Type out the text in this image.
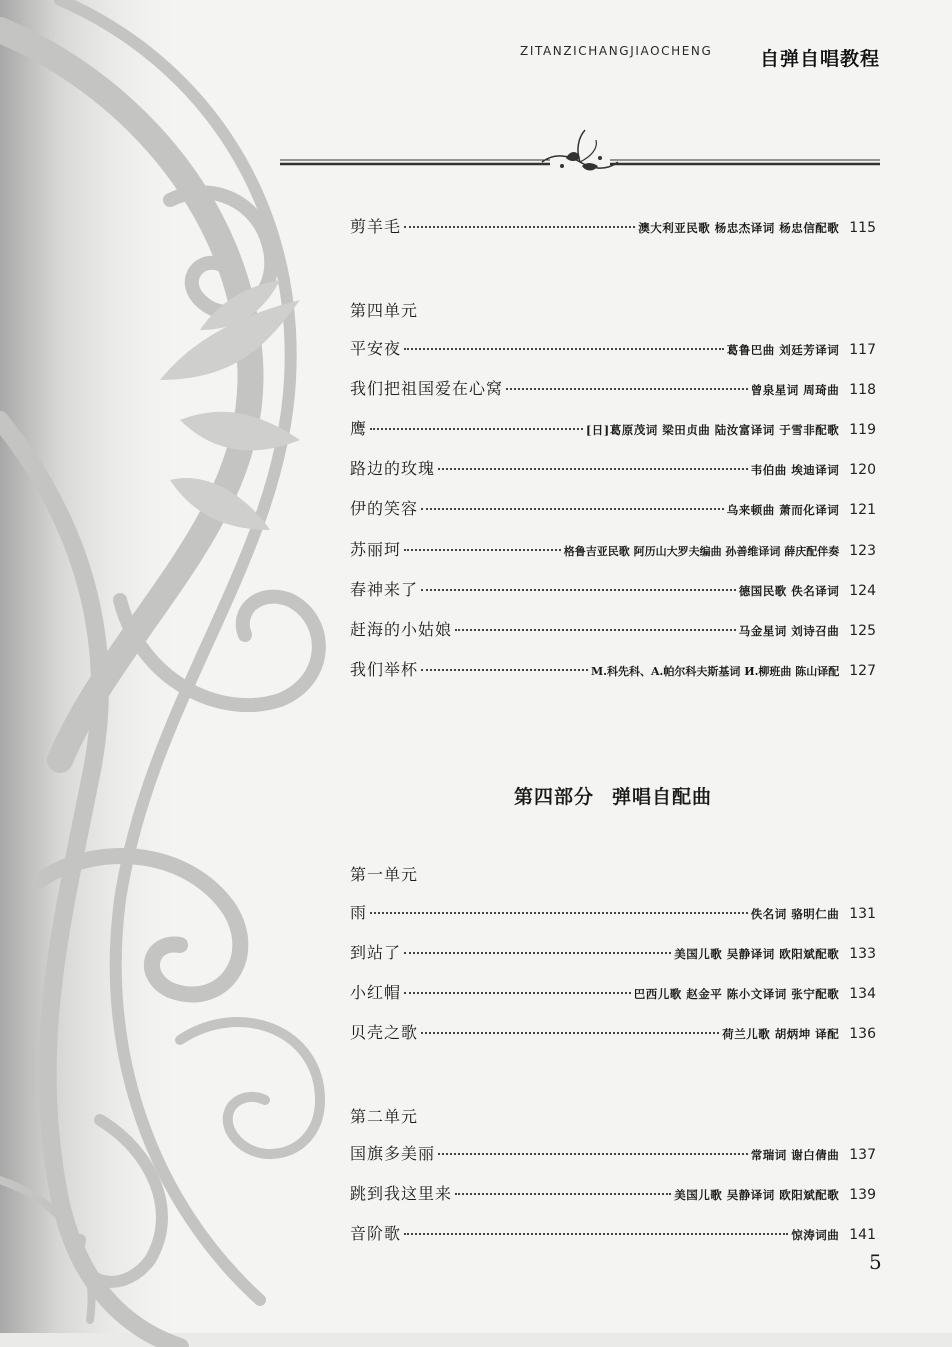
ZITANZICHANGJIAOCHENG	自弹自唱教程
剪羊毛	澳大利亚民歌 杨忠杰译词 杨忠信配歌 115
第四单元
平安夜	葛鲁巴曲 刘廷芳译词 117
我们把祖国爱在心窝	曾泉星词 周琦曲 118
鹰	[日]葛原茂词 梁田贞曲 陆汝富译词 于雪非配歌 119
路边的玫瑰	韦伯曲 埃迪译词 120
伊的笑容	乌来顿曲 萧而化译词 121
苏丽珂	格鲁吉亚民歌 阿历山大罗夫编曲 孙善维译词 薛庆配伴奏 123
春神来了	德国民歌 佚名译词 124
赶海的小姑娘	马金星词 刘诗召曲 125
我们举杯	M.科先科、A.帕尔科夫斯基词 И.柳班曲 陈山译配 127
第四部分 弹唱自配曲
第一单元
雨	佚名词 骆明仁曲 131
到站了	美国儿歌 吴静译词 欧阳斌配歌 133
小红帽	巴西儿歌 赵金平 陈小文译词 张宁配歌 134
贝壳之歌	荷兰儿歌 胡炳坤 译配 136
第二单元
国旗多美丽	常瑞词 谢白倩曲 137
跳到我这里来	美国儿歌 吴静译词 欧阳斌配歌 139
音阶歌	惊涛词曲 141
5
